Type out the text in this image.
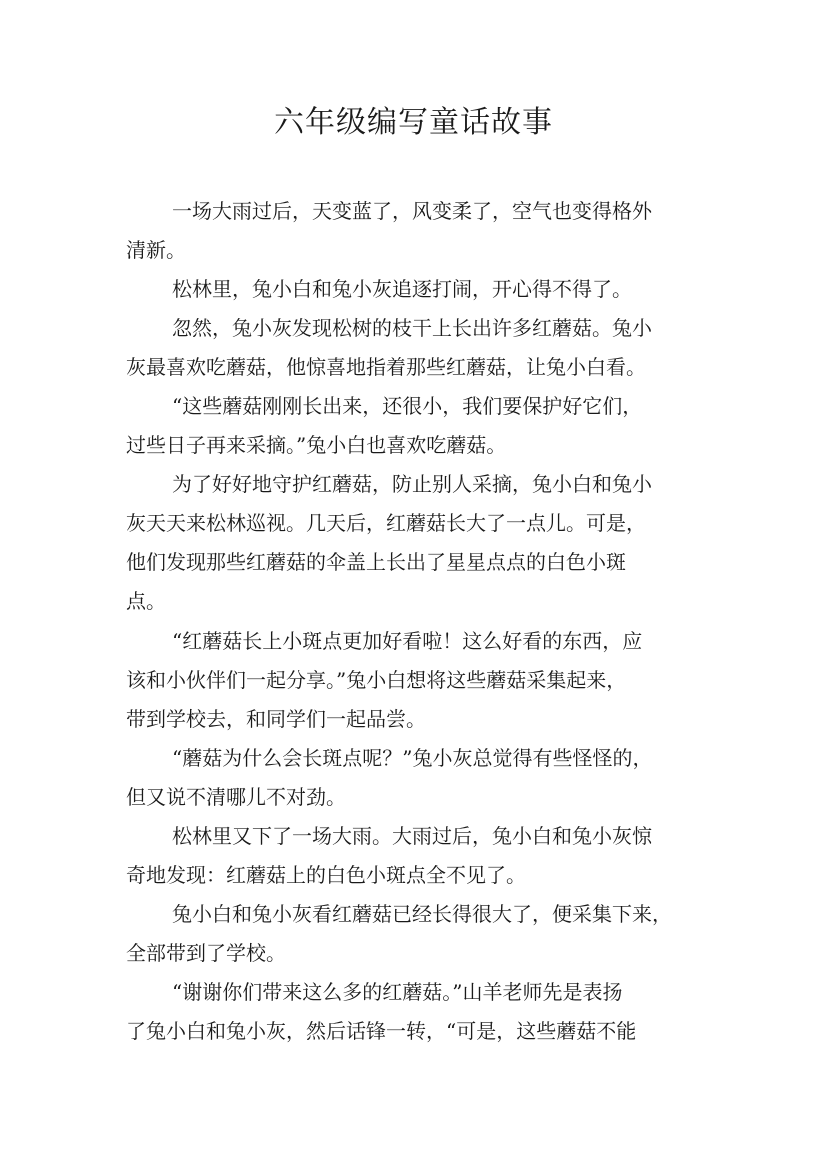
六年级编写童话故事

一场大雨过后，天变蓝了，风变柔了，空气也变得格外

清新。

松林里，兔小白和兔小灰追逐打闹，开心得不得了。

忽然，兔小灰发现松树的枝干上长出许多红蘑菇。兔小

灰最喜欢吃蘑菇，他惊喜地指着那些红蘑菇，让兔小白看。

“这些蘑菇刚刚长出来，还很小，我们要保护好它们，

过些日子再来采摘。”兔小白也喜欢吃蘑菇。

为了好好地守护红蘑菇，防止别人采摘，兔小白和兔小

灰天天来松林巡视。几天后，红蘑菇长大了一点儿。可是，

他们发现那些红蘑菇的伞盖上长出了星星点点的白色小斑

点。

“红蘑菇长上小斑点更加好看啦！这么好看的东西，应

该和小伙伴们一起分享。”兔小白想将这些蘑菇采集起来，

带到学校去，和同学们一起品尝。

“蘑菇为什么会长斑点呢？”兔小灰总觉得有些怪怪的，

但又说不清哪儿不对劲。

松林里又下了一场大雨。大雨过后，兔小白和兔小灰惊

奇地发现：红蘑菇上的白色小斑点全不见了。

兔小白和兔小灰看红蘑菇已经长得很大了，便采集下来，

全部带到了学校。

“谢谢你们带来这么多的红蘑菇。”山羊老师先是表扬

了兔小白和兔小灰，然后话锋一转，“可是，这些蘑菇不能
